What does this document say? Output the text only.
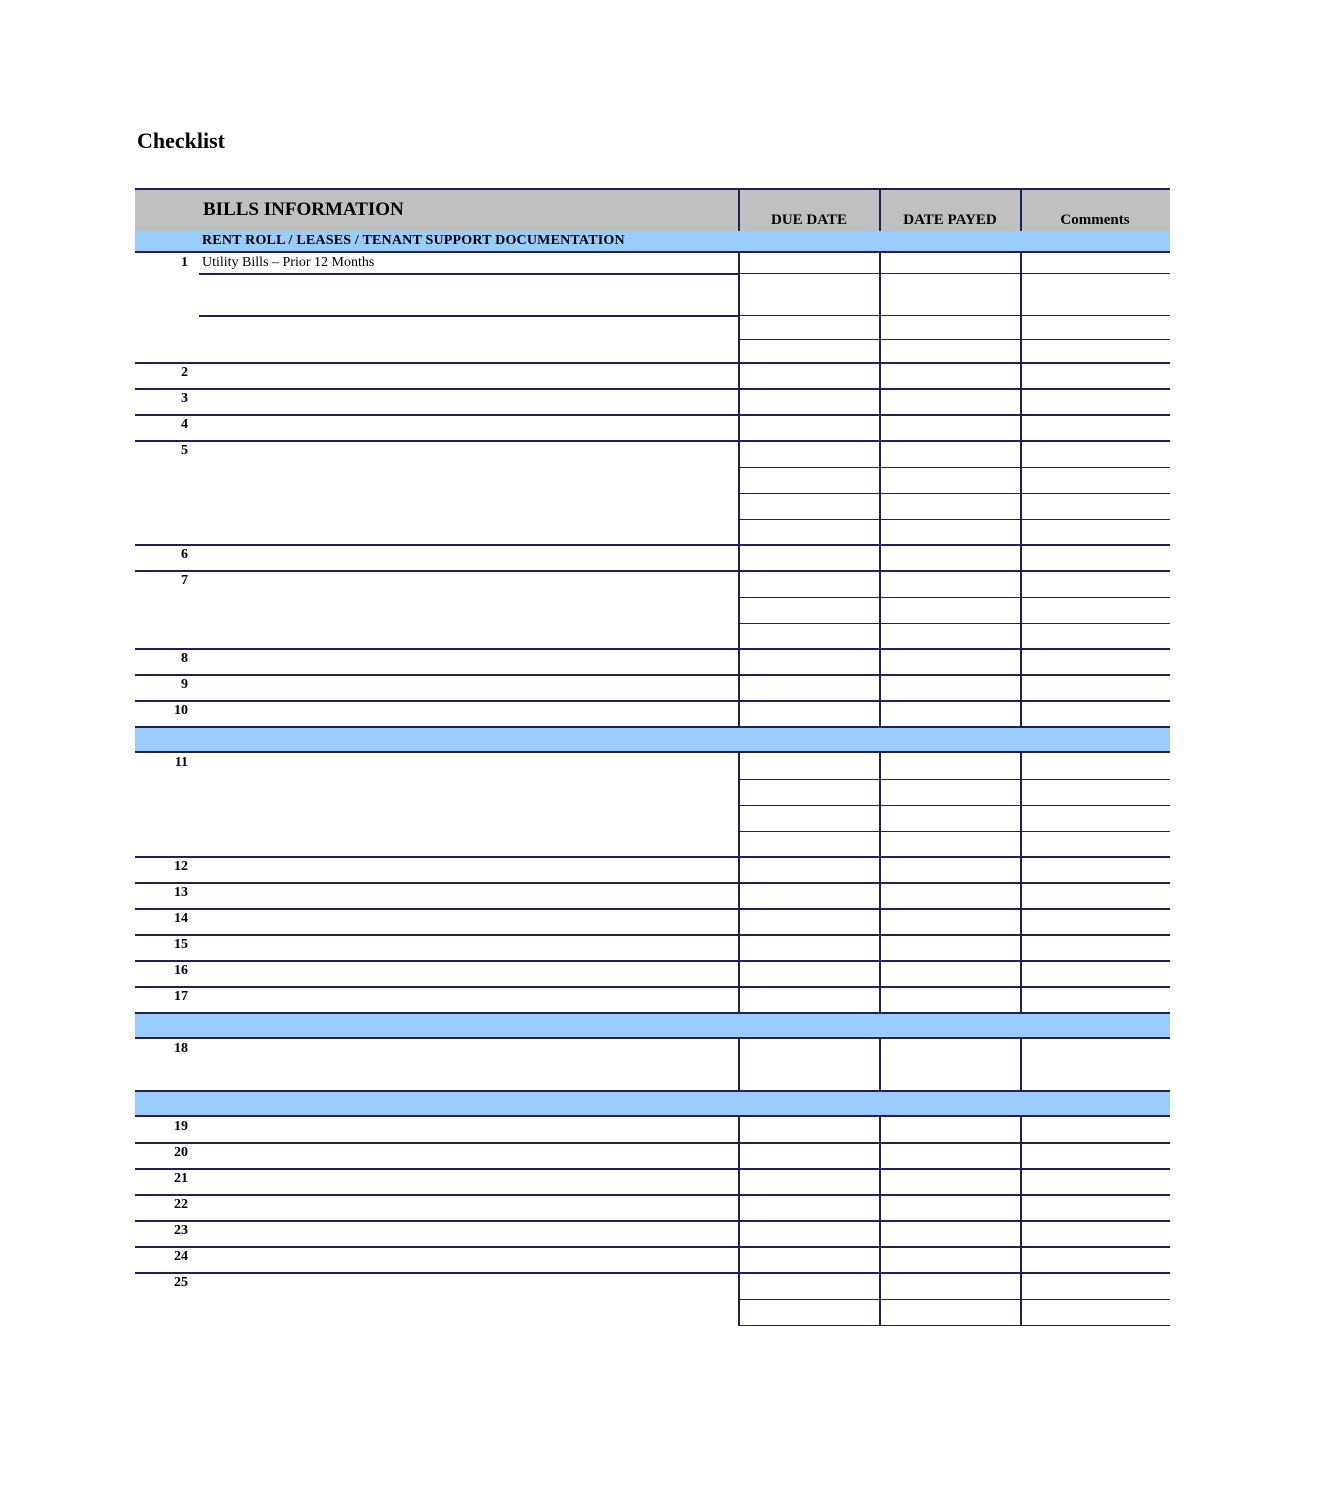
Checklist
BILLS INFORMATION	DUE DATE	DATE PAYED	Comments
RENT ROLL / LEASES / TENANT SUPPORT DOCUMENTATION
1 Utility Bills – Prior 12 Months
2
3
4
5
6
7
8
9
10
11
12
13
14
15
16
17
18
19
20
21
22
23
24
25
